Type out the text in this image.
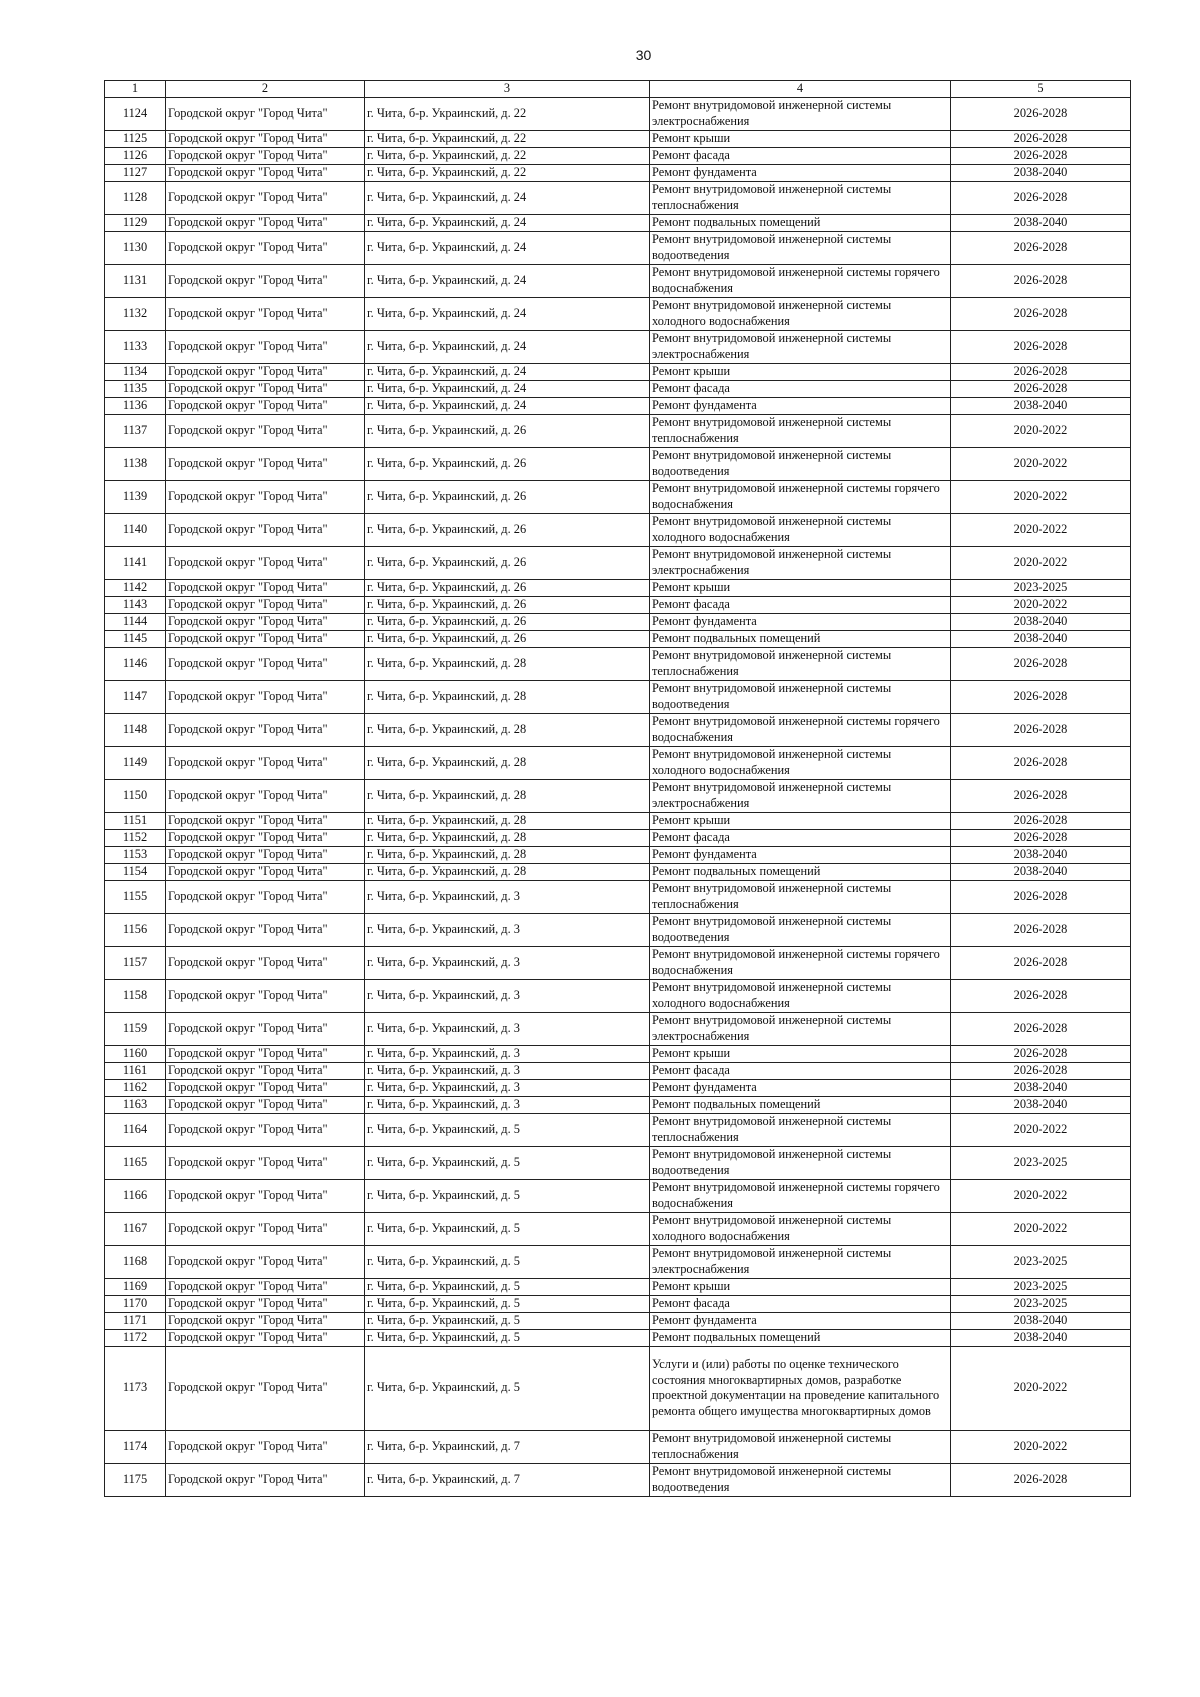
30
1	2	3	4	5
1124	Городской округ "Город Чита"	г. Чита, б-р. Украинский, д. 22	Ремонт внутридомовой инженерной системы электроснабжения	2026-2028
1125	Городской округ "Город Чита"	г. Чита, б-р. Украинский, д. 22	Ремонт крыши	2026-2028
1126	Городской округ "Город Чита"	г. Чита, б-р. Украинский, д. 22	Ремонт фасада	2026-2028
1127	Городской округ "Город Чита"	г. Чита, б-р. Украинский, д. 22	Ремонт фундамента	2038-2040
1128	Городской округ "Город Чита"	г. Чита, б-р. Украинский, д. 24	Ремонт внутридомовой инженерной системы теплоснабжения	2026-2028
1129	Городской округ "Город Чита"	г. Чита, б-р. Украинский, д. 24	Ремонт подвальных помещений	2038-2040
1130	Городской округ "Город Чита"	г. Чита, б-р. Украинский, д. 24	Ремонт внутридомовой инженерной системы водоотведения	2026-2028
1131	Городской округ "Город Чита"	г. Чита, б-р. Украинский, д. 24	Ремонт внутридомовой инженерной системы горячего водоснабжения	2026-2028
1132	Городской округ "Город Чита"	г. Чита, б-р. Украинский, д. 24	Ремонт внутридомовой инженерной системы холодного водоснабжения	2026-2028
1133	Городской округ "Город Чита"	г. Чита, б-р. Украинский, д. 24	Ремонт внутридомовой инженерной системы электроснабжения	2026-2028
1134	Городской округ "Город Чита"	г. Чита, б-р. Украинский, д. 24	Ремонт крыши	2026-2028
1135	Городской округ "Город Чита"	г. Чита, б-р. Украинский, д. 24	Ремонт фасада	2026-2028
1136	Городской округ "Город Чита"	г. Чита, б-р. Украинский, д. 24	Ремонт фундамента	2038-2040
1137	Городской округ "Город Чита"	г. Чита, б-р. Украинский, д. 26	Ремонт внутридомовой инженерной системы теплоснабжения	2020-2022
1138	Городской округ "Город Чита"	г. Чита, б-р. Украинский, д. 26	Ремонт внутридомовой инженерной системы водоотведения	2020-2022
1139	Городской округ "Город Чита"	г. Чита, б-р. Украинский, д. 26	Ремонт внутридомовой инженерной системы горячего водоснабжения	2020-2022
1140	Городской округ "Город Чита"	г. Чита, б-р. Украинский, д. 26	Ремонт внутридомовой инженерной системы холодного водоснабжения	2020-2022
1141	Городской округ "Город Чита"	г. Чита, б-р. Украинский, д. 26	Ремонт внутридомовой инженерной системы электроснабжения	2020-2022
1142	Городской округ "Город Чита"	г. Чита, б-р. Украинский, д. 26	Ремонт крыши	2023-2025
1143	Городской округ "Город Чита"	г. Чита, б-р. Украинский, д. 26	Ремонт фасада	2020-2022
1144	Городской округ "Город Чита"	г. Чита, б-р. Украинский, д. 26	Ремонт фундамента	2038-2040
1145	Городской округ "Город Чита"	г. Чита, б-р. Украинский, д. 26	Ремонт подвальных помещений	2038-2040
1146	Городской округ "Город Чита"	г. Чита, б-р. Украинский, д. 28	Ремонт внутридомовой инженерной системы теплоснабжения	2026-2028
1147	Городской округ "Город Чита"	г. Чита, б-р. Украинский, д. 28	Ремонт внутридомовой инженерной системы водоотведения	2026-2028
1148	Городской округ "Город Чита"	г. Чита, б-р. Украинский, д. 28	Ремонт внутридомовой инженерной системы горячего водоснабжения	2026-2028
1149	Городской округ "Город Чита"	г. Чита, б-р. Украинский, д. 28	Ремонт внутридомовой инженерной системы холодного водоснабжения	2026-2028
1150	Городской округ "Город Чита"	г. Чита, б-р. Украинский, д. 28	Ремонт внутридомовой инженерной системы электроснабжения	2026-2028
1151	Городской округ "Город Чита"	г. Чита, б-р. Украинский, д. 28	Ремонт крыши	2026-2028
1152	Городской округ "Город Чита"	г. Чита, б-р. Украинский, д. 28	Ремонт фасада	2026-2028
1153	Городской округ "Город Чита"	г. Чита, б-р. Украинский, д. 28	Ремонт фундамента	2038-2040
1154	Городской округ "Город Чита"	г. Чита, б-р. Украинский, д. 28	Ремонт подвальных помещений	2038-2040
1155	Городской округ "Город Чита"	г. Чита, б-р. Украинский, д. 3	Ремонт внутридомовой инженерной системы теплоснабжения	2026-2028
1156	Городской округ "Город Чита"	г. Чита, б-р. Украинский, д. 3	Ремонт внутридомовой инженерной системы водоотведения	2026-2028
1157	Городской округ "Город Чита"	г. Чита, б-р. Украинский, д. 3	Ремонт внутридомовой инженерной системы горячего водоснабжения	2026-2028
1158	Городской округ "Город Чита"	г. Чита, б-р. Украинский, д. 3	Ремонт внутридомовой инженерной системы холодного водоснабжения	2026-2028
1159	Городской округ "Город Чита"	г. Чита, б-р. Украинский, д. 3	Ремонт внутридомовой инженерной системы электроснабжения	2026-2028
1160	Городской округ "Город Чита"	г. Чита, б-р. Украинский, д. 3	Ремонт крыши	2026-2028
1161	Городской округ "Город Чита"	г. Чита, б-р. Украинский, д. 3	Ремонт фасада	2026-2028
1162	Городской округ "Город Чита"	г. Чита, б-р. Украинский, д. 3	Ремонт фундамента	2038-2040
1163	Городской округ "Город Чита"	г. Чита, б-р. Украинский, д. 3	Ремонт подвальных помещений	2038-2040
1164	Городской округ "Город Чита"	г. Чита, б-р. Украинский, д. 5	Ремонт внутридомовой инженерной системы теплоснабжения	2020-2022
1165	Городской округ "Город Чита"	г. Чита, б-р. Украинский, д. 5	Ремонт внутридомовой инженерной системы водоотведения	2023-2025
1166	Городской округ "Город Чита"	г. Чита, б-р. Украинский, д. 5	Ремонт внутридомовой инженерной системы горячего водоснабжения	2020-2022
1167	Городской округ "Город Чита"	г. Чита, б-р. Украинский, д. 5	Ремонт внутридомовой инженерной системы холодного водоснабжения	2020-2022
1168	Городской округ "Город Чита"	г. Чита, б-р. Украинский, д. 5	Ремонт внутридомовой инженерной системы электроснабжения	2023-2025
1169	Городской округ "Город Чита"	г. Чита, б-р. Украинский, д. 5	Ремонт крыши	2023-2025
1170	Городской округ "Город Чита"	г. Чита, б-р. Украинский, д. 5	Ремонт фасада	2023-2025
1171	Городской округ "Город Чита"	г. Чита, б-р. Украинский, д. 5	Ремонт фундамента	2038-2040
1172	Городской округ "Город Чита"	г. Чита, б-р. Украинский, д. 5	Ремонт подвальных помещений	2038-2040
1173	Городской округ "Город Чита"	г. Чита, б-р. Украинский, д. 5	Услуги и (или) работы по оценке технического состояния многоквартирных домов, разработке проектной документации на проведение капитального ремонта общего имущества многоквартирных домов	2020-2022
1174	Городской округ "Город Чита"	г. Чита, б-р. Украинский, д. 7	Ремонт внутридомовой инженерной системы теплоснабжения	2020-2022
1175	Городской округ "Город Чита"	г. Чита, б-р. Украинский, д. 7	Ремонт внутридомовой инженерной системы водоотведения	2026-2028
